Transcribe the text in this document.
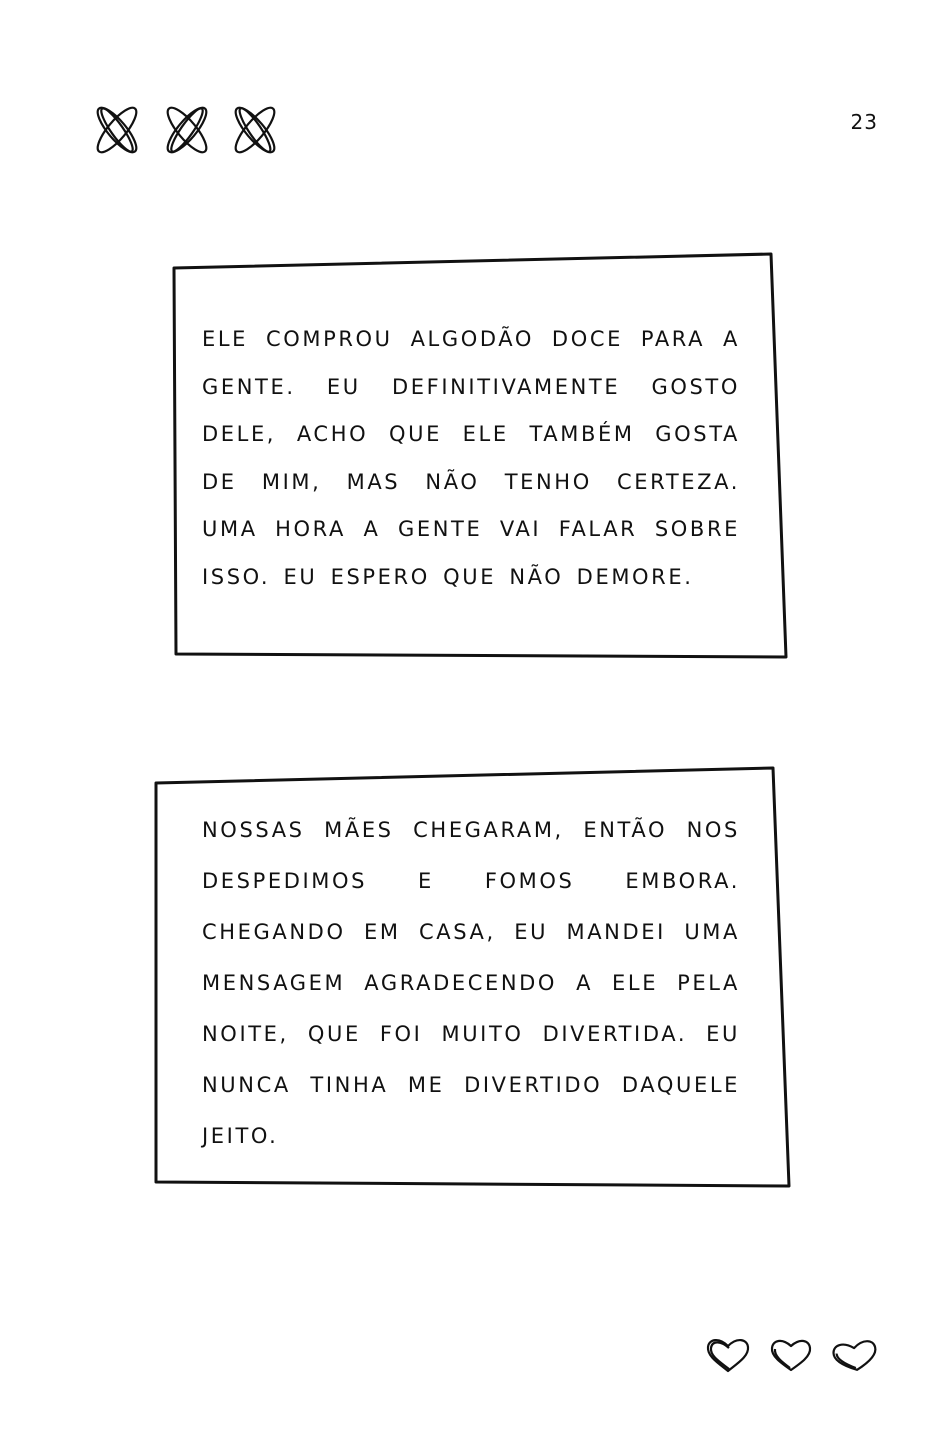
23
ELE COMPROU ALGODÃO DOCE PARA A GENTE. EU DEFINITIVAMENTE GOSTO DELE, ACHO QUE ELE TAMBÉM GOSTA DE MIM, MAS NÃO TENHO CERTEZA. UMA HORA A GENTE VAI FALAR SOBRE ISSO. EU ESPERO QUE NÃO DEMORE.
NOSSAS MÃES CHEGARAM, ENTÃO NOS DESPEDIMOS E FOMOS EMBORA. CHEGANDO EM CASA, EU MANDEI UMA MENSAGEM AGRADECENDO A ELE PELA NOITE, QUE FOI MUITO DIVERTIDA. EU NUNCA TINHA ME DIVERTIDO DAQUELE JEITO.
